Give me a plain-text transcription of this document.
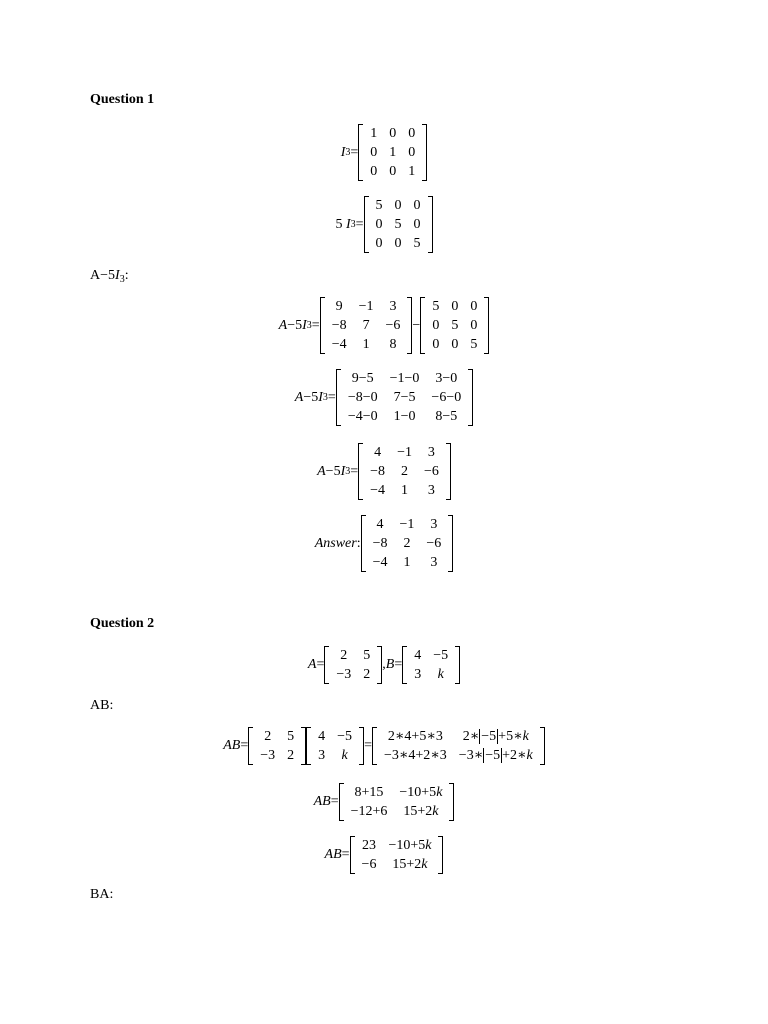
Question 1
I 3 =
1	0	0
0	1	0
0	0	1
5
I 3 =
5	0	0
0	5	0
0	0	5
$A-5I_3$:
A −5 I 3 =
9	−1	3
−8	7	−6
−4	1	8
−
5	0	0
0	5	0
0	0	5
A −5 I 3 =
9−5	−1−0	3−0
−8−0	7−5	−6−0
−4−0	1−0	8−5
A −5 I 3 =
4	−1	3
−8	2	−6
−4	1	3
Answer :
4	−1	3
−8	2	−6
−4	1	3
Question 2
A =
2	5
−3	2
, B =
4	−5
3	k
AB:
AB =
2	5
−3	2
4	−5
3	k
=
2∗4+5∗3	2∗ −5 +5∗k
−3∗4+2∗3	−3∗ −5 +2∗k
AB =
8+15	−10+5k
−12+6	15+2k
AB =
23	−10+5k
−6	15+2k
BA:
